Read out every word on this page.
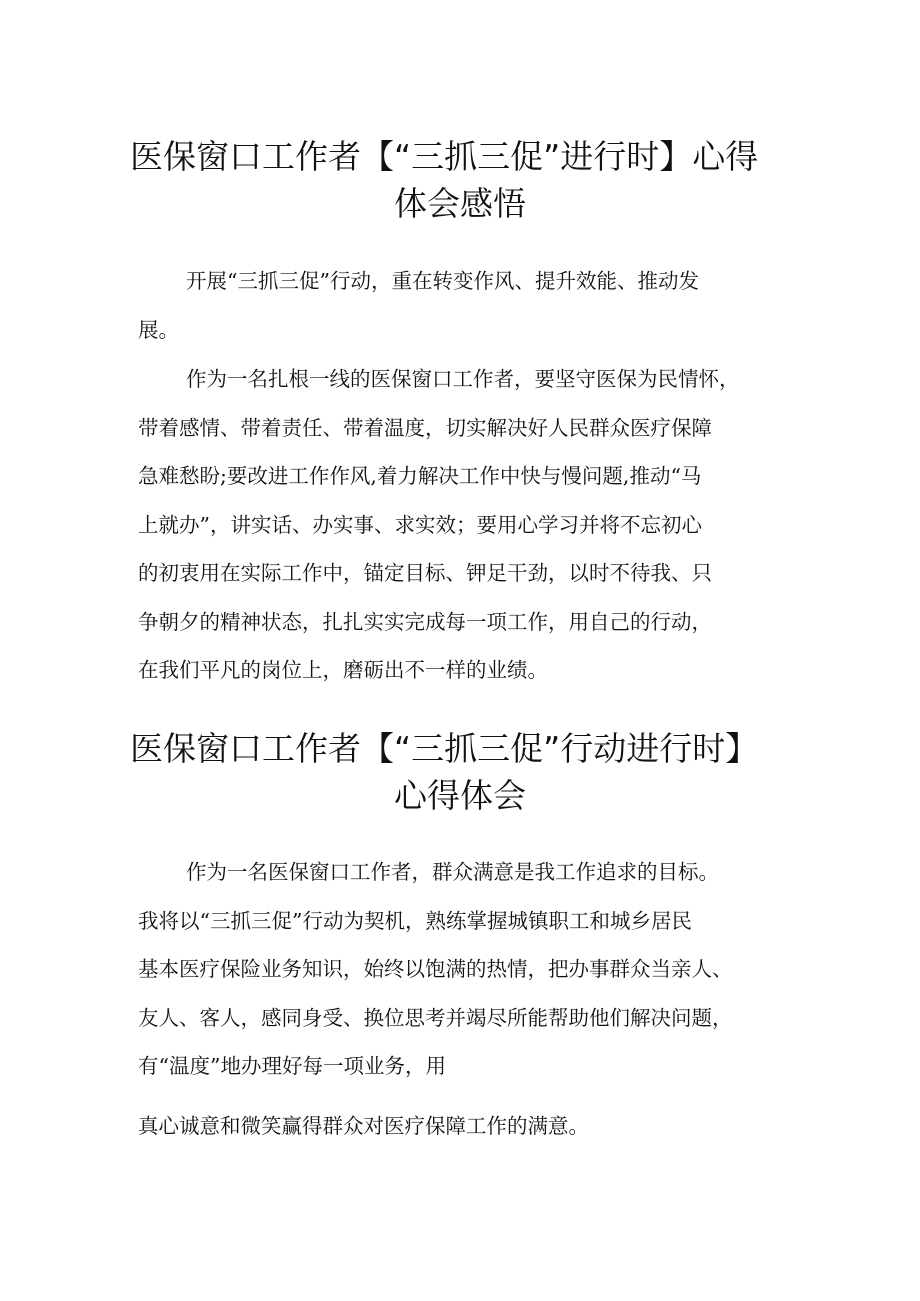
医保窗口工作者【“三抓三促”进行时】心得
体会感悟

开展“三抓三促”行动，重在转变作风、提升效能、推动发
展。

作为一名扎根一线的医保窗口工作者，要坚守医保为民情怀，
带着感情、带着责任、带着温度，切实解决好人民群众医疗保障
急难愁盼;要改进工作作风,着力解决工作中快与慢问题,推动“马
上就办”，讲实话、办实事、求实效；要用心学习并将不忘初心
的初衷用在实际工作中，锚定目标、钾足干劲，以时不待我、只
争朝夕的精神状态，扎扎实实完成每一项工作，用自己的行动，
在我们平凡的岗位上，磨砺出不一样的业绩。

医保窗口工作者【“三抓三促”行动进行时】
心得体会

作为一名医保窗口工作者，群众满意是我工作追求的目标。
我将以“三抓三促”行动为契机，熟练掌握城镇职工和城乡居民
基本医疗保险业务知识，始终以饱满的热情，把办事群众当亲人、
友人、客人，感同身受、换位思考并竭尽所能帮助他们解决问题，
有“温度”地办理好每一项业务，用

真心诚意和微笑赢得群众对医疗保障工作的满意。
